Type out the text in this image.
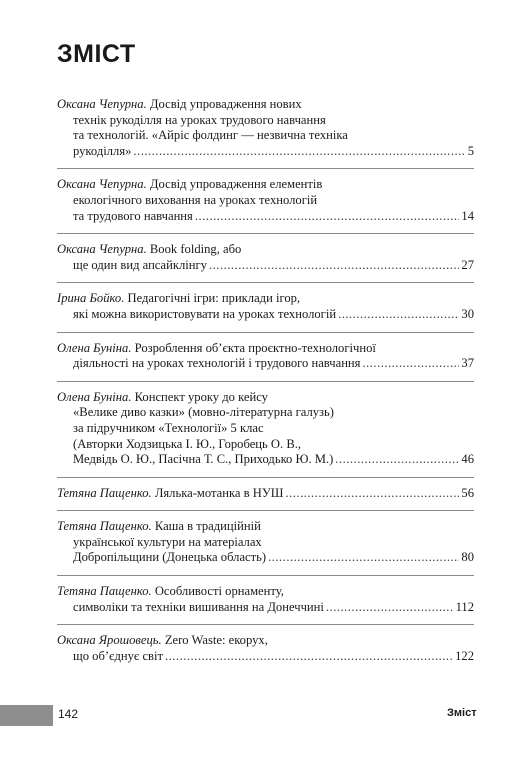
ЗМІСТ
Оксана Чепурна. Досвід упровадження нових
технік рукоділля на уроках трудового навчання
та технологій. «Айріс фолдинг — незвична техніка
рукоділля» .....	5
Оксана Чепурна. Досвід упровадження елементів
екологічного виховання на уроках технологій
та трудового навчання .....	14
Оксана Чепурна. Book folding, або
ще один вид апсайклінгу .....	27
Ірина Бойко. Педагогічні ігри: приклади ігор,
які можна використовувати на уроках технологій .....	30
Олена Буніна. Розроблення об’єкта проєктно-технологічної
діяльності на уроках технологій і трудового навчання .....	37
Олена Буніна. Конспект уроку до кейсу
«Велике диво казки» (мовно-літературна галузь)
за підручником «Технології» 5 клас
(Авторки Ходзицька І. Ю., Горобець О. В.,
Медвідь О. Ю., Пасічна Т. С., Приходько Ю. М.) .....	46
Тетяна Пащенко. Лялька-мотанка в НУШ .....	56
Тетяна Пащенко. Каша в традиційній
української культури на матеріалах
Добропільщини (Донецька область) .....	80
Тетяна Пащенко. Особливості орнаменту,
символіки та техніки вишивання на Донеччині .....	112
Оксана Ярошовець. Zero Waste: екорух,
що об’єднує світ .....	122
142	Зміст
